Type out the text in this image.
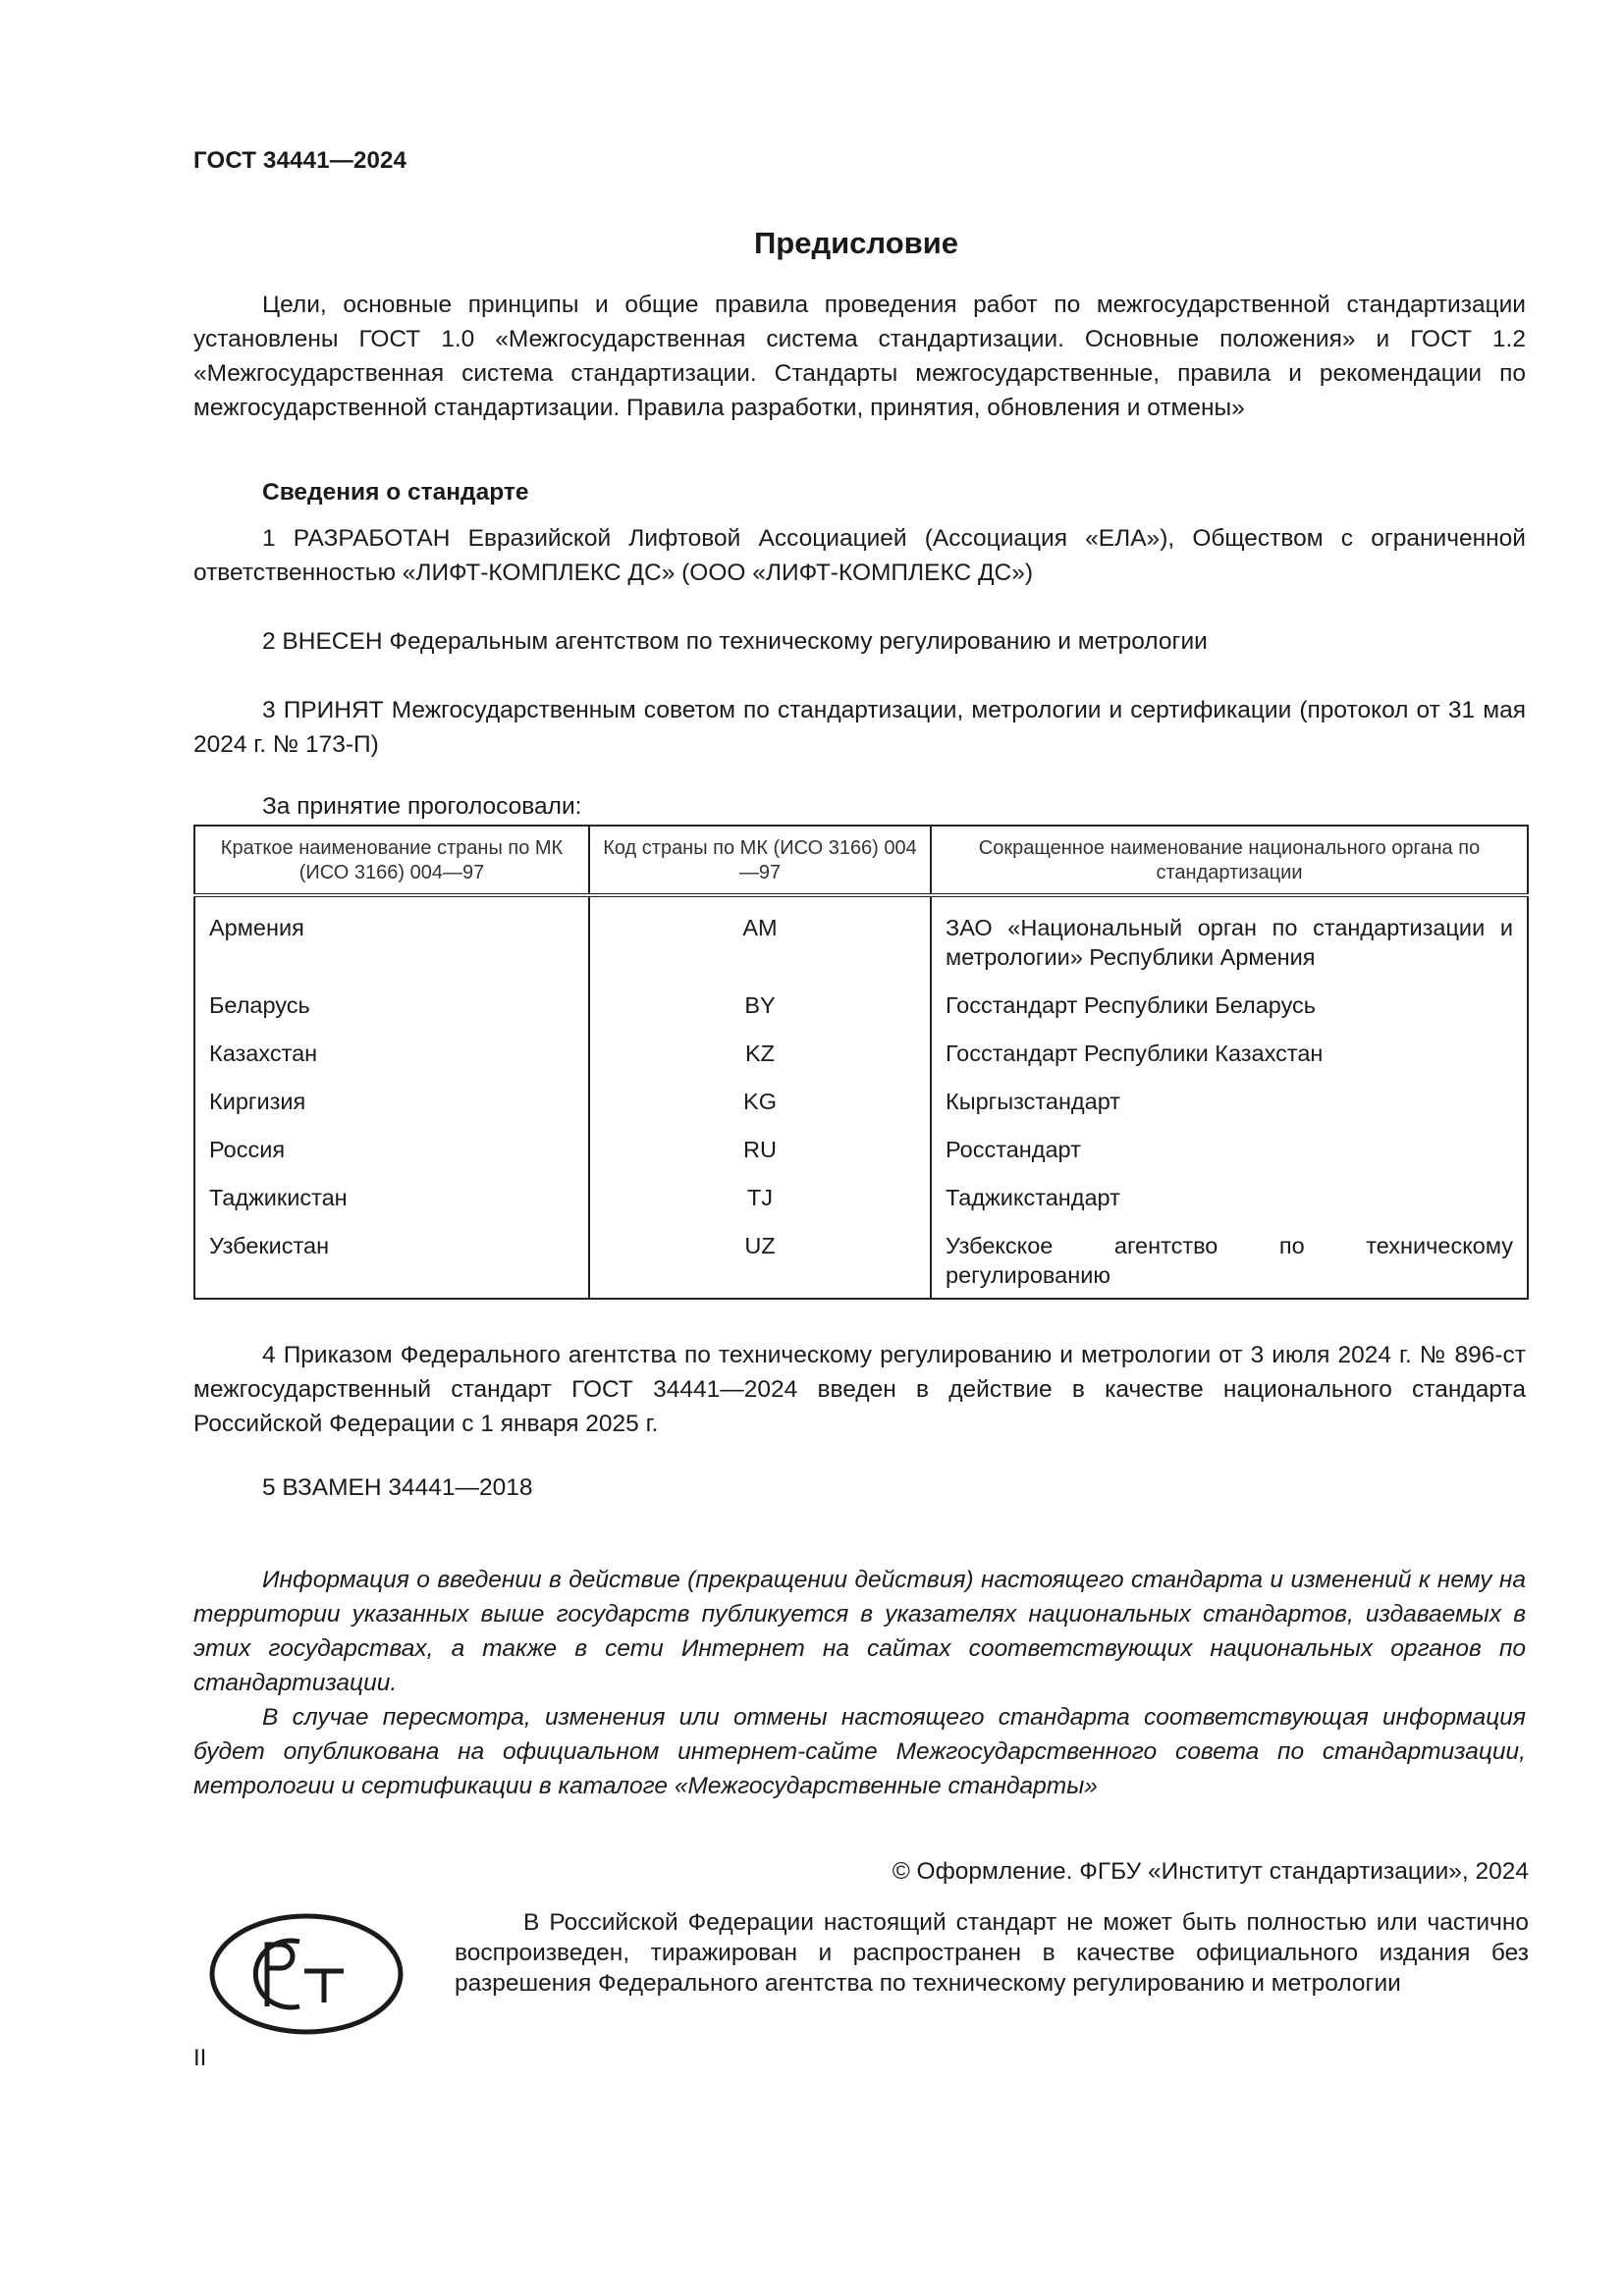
ГОСТ 34441—2024
Предисловие

Цели, основные принципы и общие правила проведения работ по межгосударственной стандартизации установлены ГОСТ 1.0 «Межгосударственная система стандартизации. Основные положения» и ГОСТ 1.2 «Межгосударственная система стандартизации. Стандарты межгосударственные, правила и рекомендации по межгосударственной стандартизации. Правила разработки, принятия, обновления и отмены»

Сведения о стандарте

1 РАЗРАБОТАН Евразийской Лифтовой Ассоциацией (Ассоциация «ЕЛА»), Обществом с ограниченной ответственностью «ЛИФТ-КОМПЛЕКС ДС» (ООО «ЛИФТ-КОМПЛЕКС ДС»)

2 ВНЕСЕН Федеральным агентством по техническому регулированию и метрологии

3 ПРИНЯТ Межгосударственным советом по стандартизации, метрологии и сертификации (протокол от 31 мая 2024 г. № 173-П)

За принятие проголосовали:
Краткое наименование страны по МК (ИСО 3166) 004—97	Код страны по МК (ИСО 3166) 004—97	Сокращенное наименование национального органа по стандартизации
Армения	AM	ЗАО «Национальный орган по стандартизации и метрологии» Республики Армения
Беларусь	BY	Госстандарт Республики Беларусь
Казахстан	KZ	Госстандарт Республики Казахстан
Киргизия	KG	Кыргызстандарт
Россия	RU	Росстандарт
Таджикистан	TJ	Таджикстандарт
Узбекистан	UZ	Узбекское агентство по техническому регулированию

4 Приказом Федерального агентства по техническому регулированию и метрологии от 3 июля 2024 г. № 896-ст межгосударственный стандарт ГОСТ 34441—2024 введен в действие в качестве национального стандарта Российской Федерации с 1 января 2025 г.

5 ВЗАМЕН 34441—2018

Информация о введении в действие (прекращении действия) настоящего стандарта и изменений к нему на территории указанных выше государств публикуется в указателях национальных стандартов, издаваемых в этих государствах, а также в сети Интернет на сайтах соответствующих национальных органов по стандартизации.

В случае пересмотра, изменения или отмены настоящего стандарта соответствующая информация будет опубликована на официальном интернет-сайте Межгосударственного совета по стандартизации, метрологии и сертификации в каталоге «Межгосударственные стандарты»

© Оформление. ФГБУ «Институт стандартизации», 2024

В Российской Федерации настоящий стандарт не может быть полностью или частично воспроизведен, тиражирован и распространен в качестве официального издания без разрешения Федерального агентства по техническому регулированию и метрологии

II
